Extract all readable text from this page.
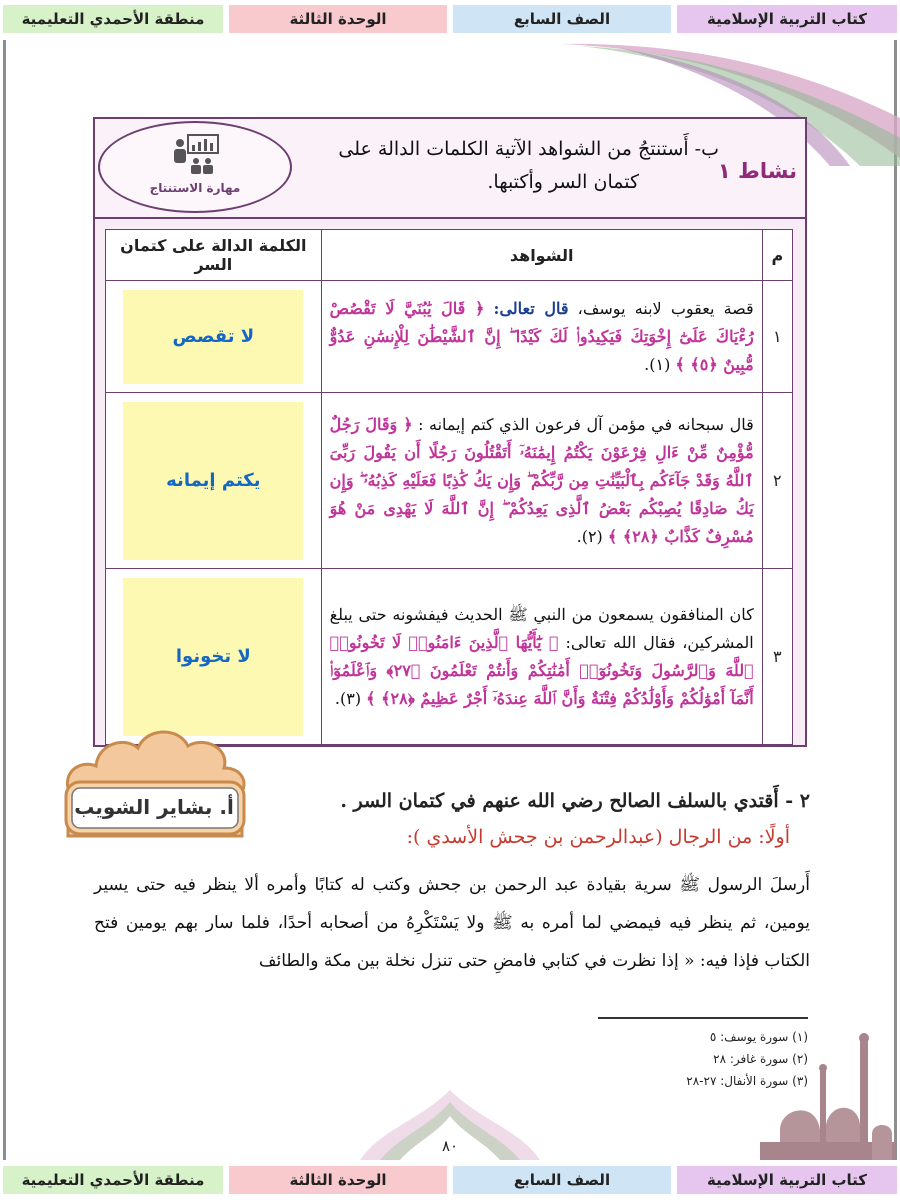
منطقة الأحمدي التعليمية	الوحدة الثالثة	الصف السابع	كتاب التربية الإسلامية
نشاط ١
ب- أَستنتجُ من الشواهد الآتية الكلمات الدالة على
كتمان السر وأكتبها.
مهارة الاستنتاج
م	الشواهد	الكلمة الدالة على كتمان السر
١	قصة يعقوب لابنه يوسف، قال تعالى: ﴿ قَالَ يَٰبُنَيَّ لَا تَقْصُصْ رُءْيَاكَ عَلَىٰٓ إِخْوَتِكَ فَيَكِيدُوا۟ لَكَ كَيْدًا ۖ إِنَّ ٱلشَّيْطَٰنَ لِلْإِنسَٰنِ عَدُوٌّ مُّبِينٌ ﴿٥﴾ ﴾ (١).	لا تقصص

٢	قال سبحانه في مؤمن آل فرعون الذي كتم إيمانه : ﴿ وَقَالَ رَجُلٌ مُّؤْمِنٌ مِّنْ ءَالِ فِرْعَوْنَ يَكْتُمُ إِيمَٰنَهُۥٓ أَتَقْتُلُونَ رَجُلًا أَن يَقُولَ رَبِّىَ ٱللَّهُ وَقَدْ جَآءَكُم بِٱلْبَيِّنَٰتِ مِن رَّبِّكُمْ ۖ وَإِن يَكُ كَٰذِبًا فَعَلَيْهِ كَذِبُهُۥ ۖ وَإِن يَكُ صَادِقًا يُصِبْكُم بَعْضُ ٱلَّذِى يَعِدُكُمْ ۖ إِنَّ ٱللَّهَ لَا يَهْدِى مَنْ هُوَ مُسْرِفٌ كَذَّابٌ ﴿٢٨﴾ ﴾ (٢).	يكتم إيمانه

٣	كان المنافقون يسمعون من النبي ﷺ الحديث فيفشونه حتى يبلغ المشركين، فقال الله تعالى: ﴿ يَٰٓأَيُّهَا ٱلَّذِينَ ءَامَنُوا۟ لَا تَخُونُوا۟ ٱللَّهَ وَٱلرَّسُولَ وَتَخُونُوٓا۟ أَمَٰنَٰتِكُمْ وَأَنتُمْ تَعْلَمُونَ ﴿٢٧﴾ وَٱعْلَمُوٓا۟ أَنَّمَآ أَمْوَٰلُكُمْ وَأَوْلَٰدُكُمْ فِتْنَةٌ وَأَنَّ ٱللَّهَ عِندَهُۥٓ أَجْرٌ عَظِيمٌ ﴿٢٨﴾ ﴾ (٣).	لا تخونوا
أ. بشاير الشويب	٢ - أَقتدي بالسلف الصالح رضي الله عنهم في كتمان السر .
أولًا: من الرجال (عبدالرحمن بن جحش الأسدي ):
أَرسلَ الرسول ﷺ سرية بقيادة عبد الرحمن بن جحش وكتب له كتابًا وأمره ألا ينظر فيه حتى يسير يومين، ثم ينظر فيه فيمضي لما أمره به ﷺ ولا يَسْتَكْرِهُ من أصحابه أحدًا، فلما سار بهم يومين فتح الكتاب فإذا فيه: « إذا نظرت في كتابي فامضِ حتى تنزل نخلة بين مكة والطائف
(١) سورة يوسف: ٥
(٢) سورة غافر: ٢٨
(٣) سورة الأنفال: ٢٧-٢٨
٨٠
منطقة الأحمدي التعليمية	الوحدة الثالثة	الصف السابع	كتاب التربية الإسلامية
